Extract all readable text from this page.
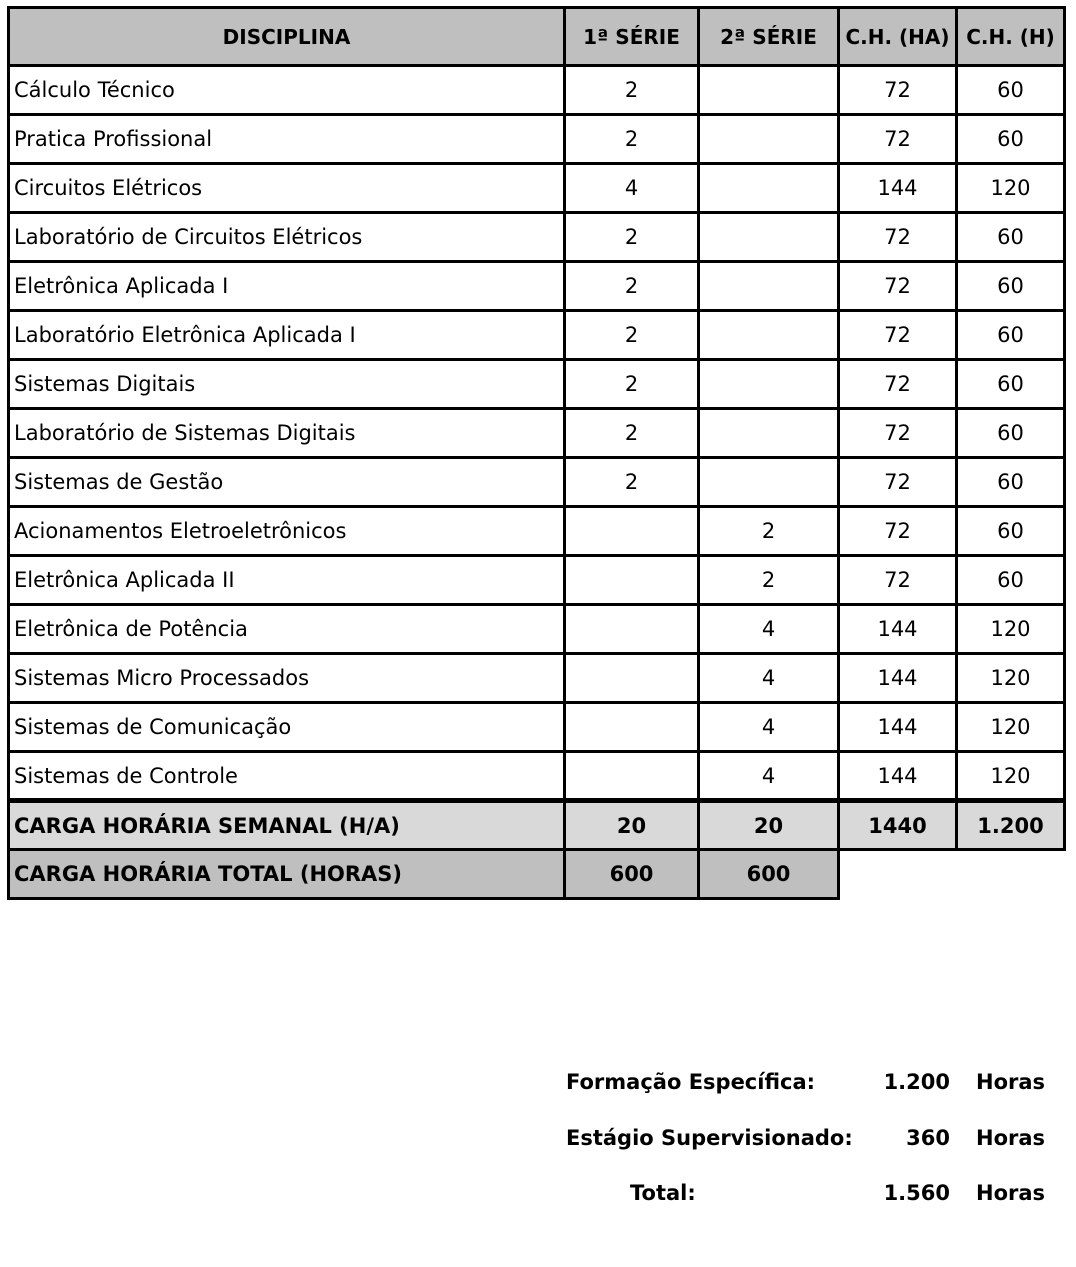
DISCIPLINA	1ª SÉRIE	2ª SÉRIE	C.H. (HA)	C.H. (H)
Cálculo Técnico	2		72	60
Pratica Profissional	2		72	60
Circuitos Elétricos	4		144	120
Laboratório de Circuitos Elétricos	2		72	60
Eletrônica Aplicada I	2		72	60
Laboratório Eletrônica Aplicada I	2		72	60
Sistemas Digitais	2		72	60
Laboratório de Sistemas Digitais	2		72	60
Sistemas de Gestão	2		72	60
Acionamentos Eletroeletrônicos		2	72	60
Eletrônica Aplicada II		2	72	60
Eletrônica de Potência		4	144	120
Sistemas Micro Processados		4	144	120
Sistemas de Comunicação		4	144	120
Sistemas de Controle		4	144	120
CARGA HORÁRIA SEMANAL (H/A)	20	20	1440	1.200
CARGA HORÁRIA TOTAL (HORAS)	600	600		
Formação Específica:	1.200 Horas
Estágio Supervisionado:	360 Horas
Total:	1.560 Horas
